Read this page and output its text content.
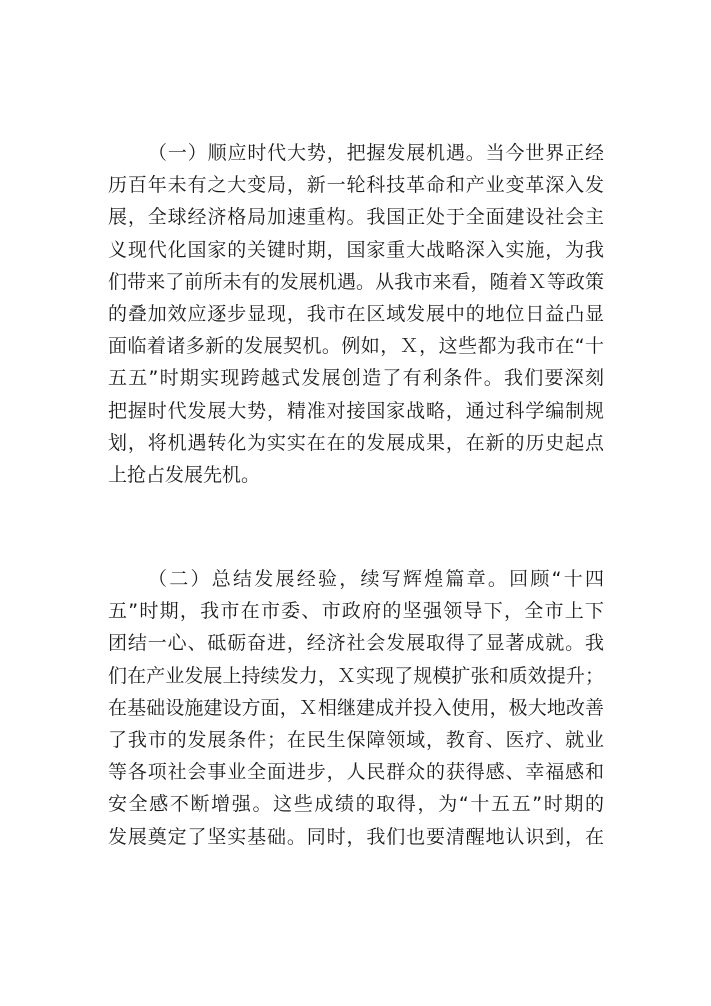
（一）顺应时代大势，把握发展机遇。当今世界正经
历百年未有之大变局，新一轮科技革命和产业变革深入发
展，全球经济格局加速重构。我国正处于全面建设社会主
义现代化国家的关键时期，国家重大战略深入实施，为我
们带来了前所未有的发展机遇。从我市来看，随着Ｘ等政策
的叠加效应逐步显现，我市在区域发展中的地位日益凸显
面临着诸多新的发展契机。例如，Ｘ，这些都为我市在“十
五五”时期实现跨越式发展创造了有利条件。我们要深刻
把握时代发展大势，精准对接国家战略，通过科学编制规
划，将机遇转化为实实在在的发展成果，在新的历史起点
上抢占发展先机。
（二）总结发展经验，续写辉煌篇章。回顾“十四
五”时期，我市在市委、市政府的坚强领导下，全市上下
团结一心、砥砺奋进，经济社会发展取得了显著成就。我
们在产业发展上持续发力，Ｘ实现了规模扩张和质效提升；
在基础设施建设方面，Ｘ相继建成并投入使用，极大地改善
了我市的发展条件；在民生保障领域，教育、医疗、就业
等各项社会事业全面进步，人民群众的获得感、幸福感和
安全感不断增强。这些成绩的取得，为“十五五”时期的
发展奠定了坚实基础。同时，我们也要清醒地认识到，在
